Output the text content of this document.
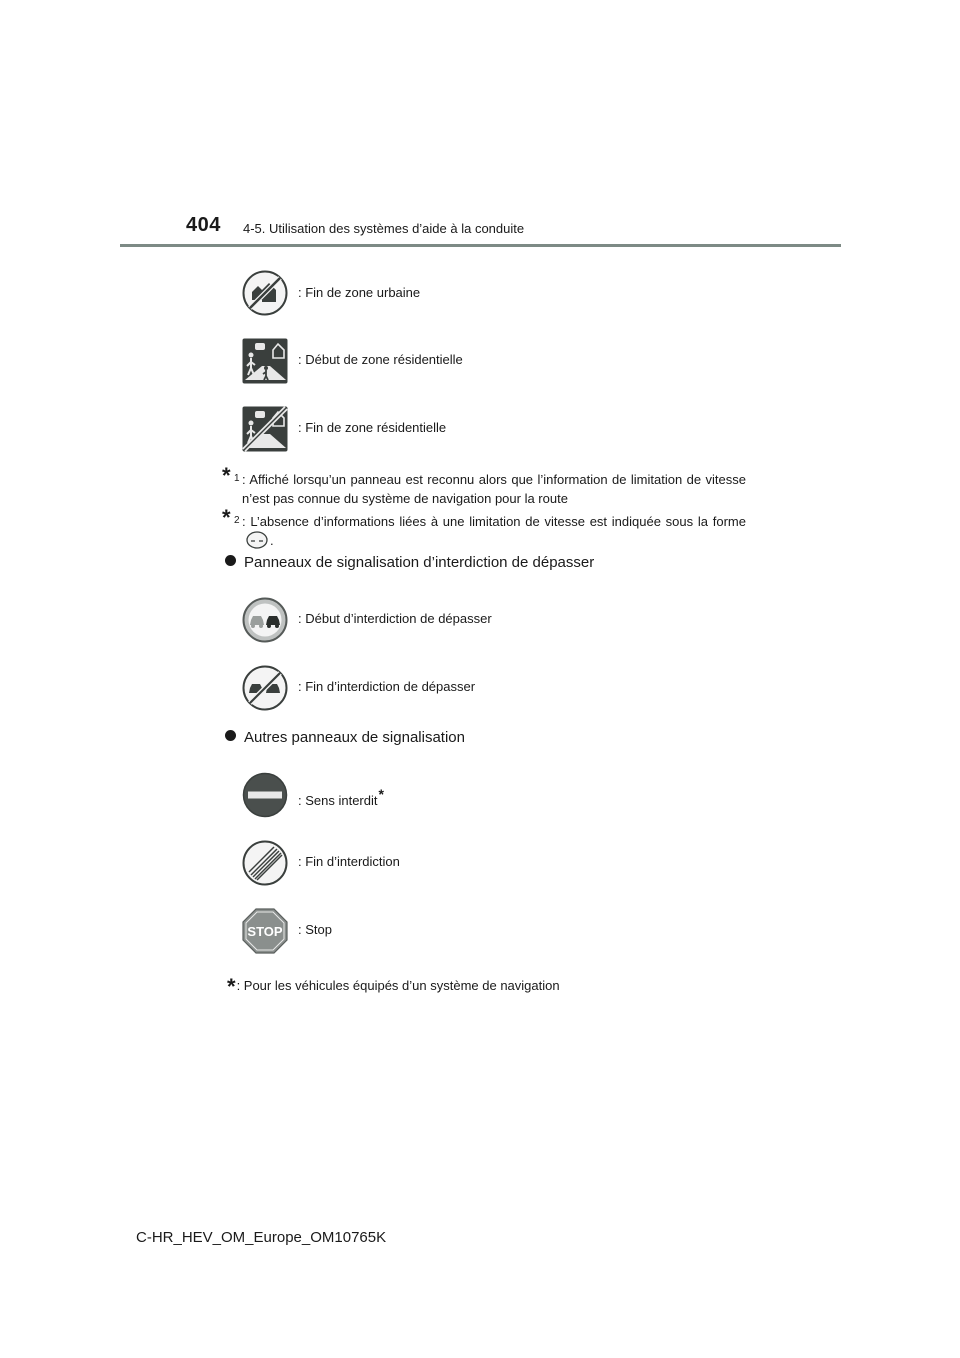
404 4-5. Utilisation des systèmes d’aide à la conduite
: Fin de zone urbaine
: Début de zone résidentielle
: Fin de zone résidentielle
* 1 : Affiché lorsqu’un panneau est reconnu alors que l’information de limitation de vitesse n’est pas connue du système de navigation pour la route
* 2 : L’absence d’informations liées à une limitation de vitesse est indiquée sous la forme .
Panneaux de signalisation d’interdiction de dépasser
: Début d’interdiction de dépasser
: Fin d’interdiction de dépasser
Autres panneaux de signalisation
: Sens interdit*
: Fin d’interdiction
STOP : Stop
*: Pour les véhicules équipés d’un système de navigation
C-HR_HEV_OM_Europe_OM10765K
